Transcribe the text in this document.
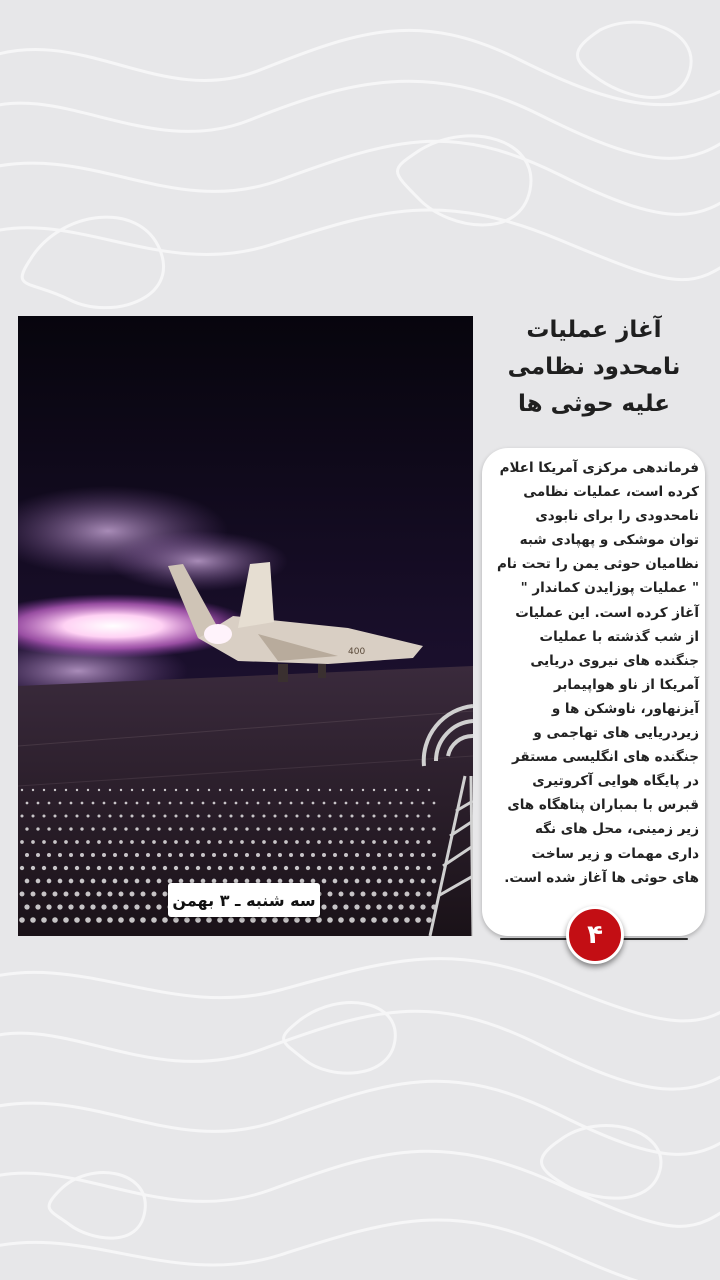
400
سه شنبه ـ ۳ بهمن
آغاز عملیات
نامحدود نظامی
علیه حوثی ها
فرماندهی مرکزی آمریکا اعلام
کرده است، عملیات نظامی
نامحدودی را برای نابودی
توان موشکی و پهپادی شبه
نظامیان حوثی یمن را تحت نام
" عملیات پوزایدن کماندار "
آغاز کرده است. این عملیات
از شب گذشته با عملیات
جنگنده های نیروی دریایی
آمریکا از ناو هواپیمابر
آیزنهاور، ناوشکن ها و
زیردریایی های تهاجمی و
جنگنده های انگلیسی مستقر
در پایگاه هوایی آکروتیری
قبرس با بمباران پناهگاه های
زیر زمینی، محل های نگه
داری مهمات و زیر ساخت
های حوثی ها آغاز شده است.
۴
